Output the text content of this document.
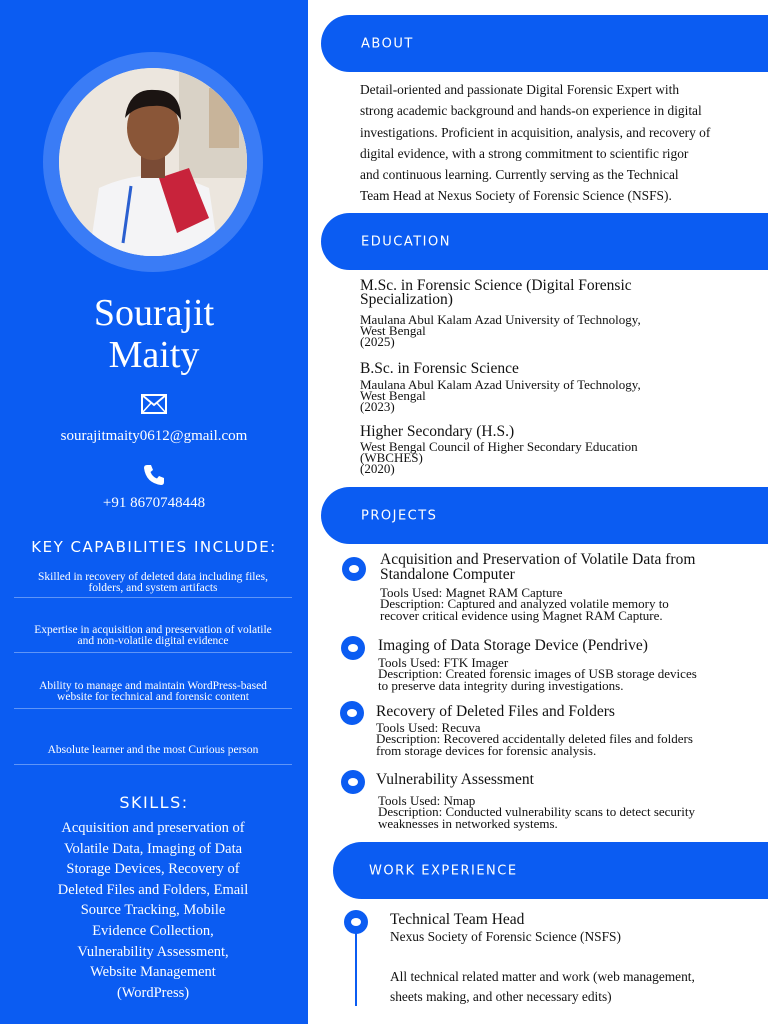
Sourajit
Maity
sourajitmaity0612@gmail.com
+91 8670748448
KEY CAPABILITIES INCLUDE:
Skilled in recovery of deleted data including files,
folders, and system artifacts
Expertise in acquisition and preservation of volatile
and non-volatile digital evidence
Ability to manage and maintain WordPress-based
website for technical and forensic content
Absolute learner and the most Curious person
SKILLS:
Acquisition and preservation of
Volatile Data, Imaging of Data
Storage Devices, Recovery of
Deleted Files and Folders, Email
Source Tracking, Mobile
Evidence Collection,
Vulnerability Assessment,
Website Management
(WordPress)
ABOUT
Detail-oriented and passionate Digital Forensic Expert with
strong academic background and hands-on experience in digital
investigations. Proficient in acquisition, analysis, and recovery of
digital evidence, with a strong commitment to scientific rigor
and continuous learning. Currently serving as the Technical
Team Head at Nexus Society of Forensic Science (NSFS).
EDUCATION
M.Sc. in Forensic Science (Digital Forensic
Specialization)
Maulana Abul Kalam Azad University of Technology,
West Bengal
(2025)
B.Sc. in Forensic Science
Maulana Abul Kalam Azad University of Technology,
West Bengal
(2023)
Higher Secondary (H.S.)
West Bengal Council of Higher Secondary Education
(WBCHES)
(2020)
PROJECTS
Acquisition and Preservation of Volatile Data from
Standalone Computer
Tools Used: Magnet RAM Capture
Description: Captured and analyzed volatile memory to
recover critical evidence using Magnet RAM Capture.
Imaging of Data Storage Device (Pendrive)
Tools Used: FTK Imager
Description: Created forensic images of USB storage devices
to preserve data integrity during investigations.
Recovery of Deleted Files and Folders
Tools Used: Recuva
Description: Recovered accidentally deleted files and folders
from storage devices for forensic analysis.
Vulnerability Assessment
Tools Used: Nmap
Description: Conducted vulnerability scans to detect security
weaknesses in networked systems.
WORK EXPERIENCE
Technical Team Head
Nexus Society of Forensic Science (NSFS)
All technical related matter and work (web management,
sheets making, and other necessary edits)
